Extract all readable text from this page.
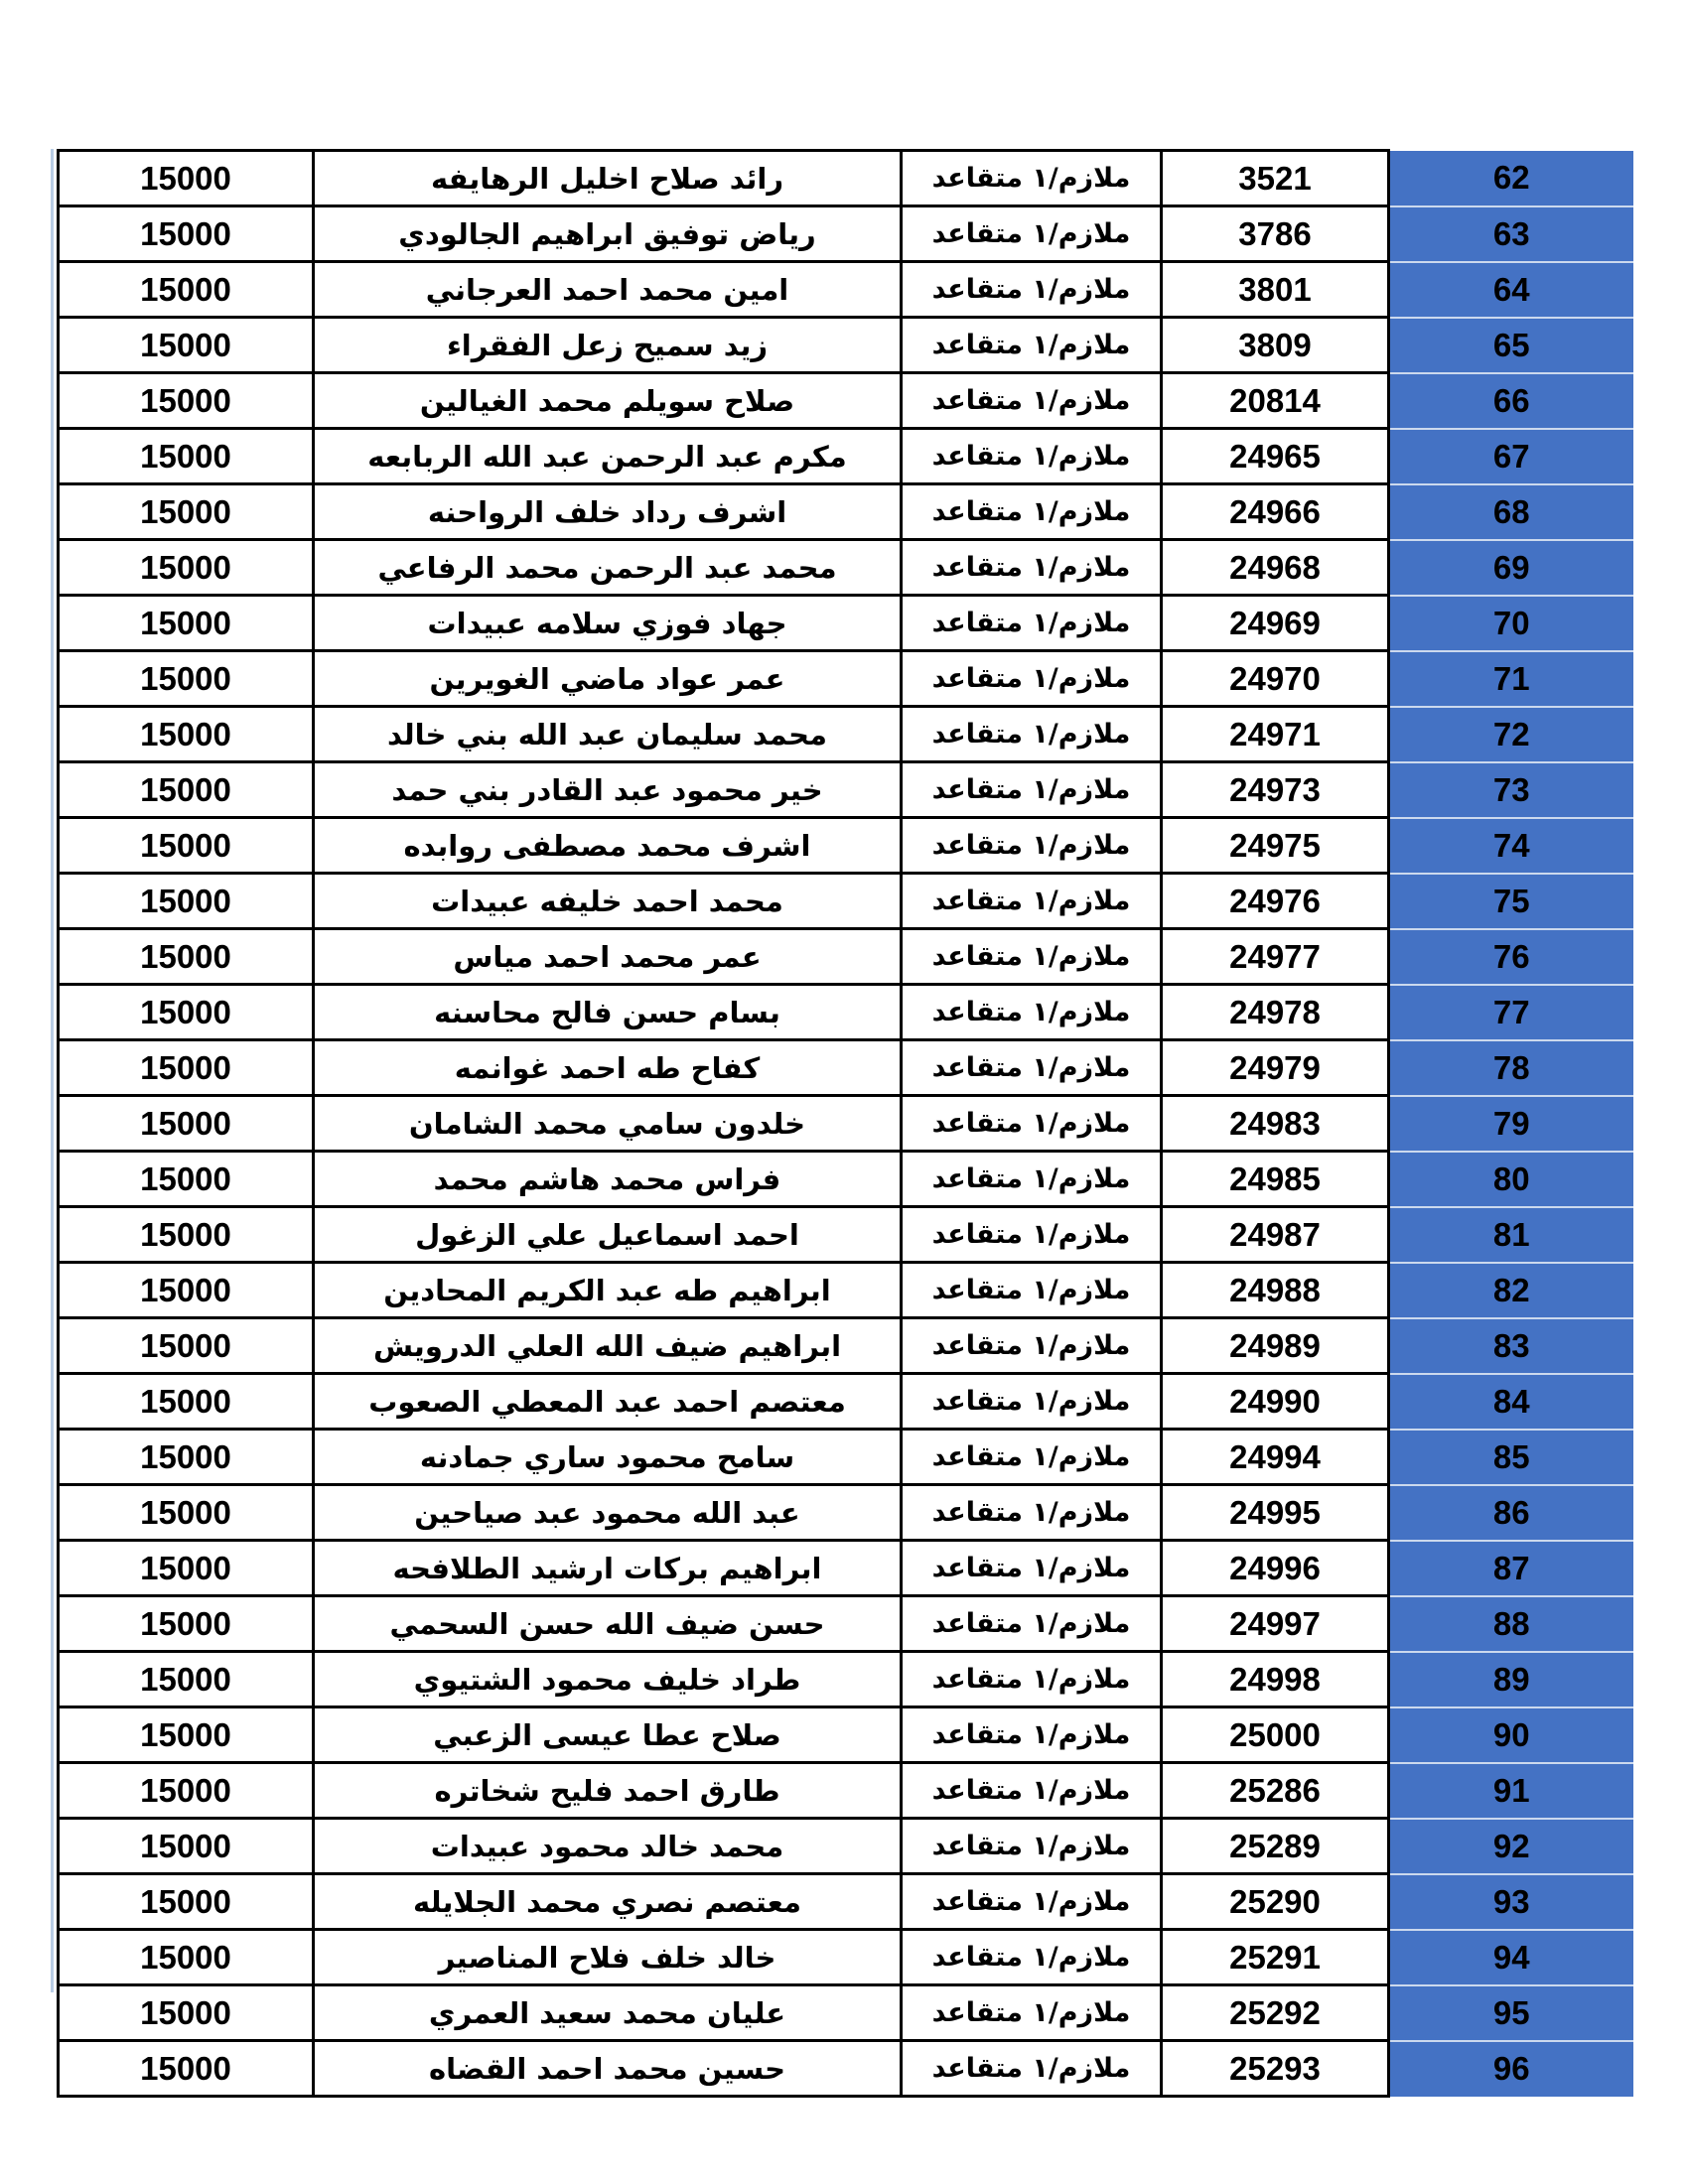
15000	رائد صلاح اخليل الرهايفه	ملازم/١ متقاعد	3521	62
15000	رياض توفيق ابراهيم الجالودي	ملازم/١ متقاعد	3786	63
15000	امين محمد احمد العرجاني	ملازم/١ متقاعد	3801	64
15000	زيد سميح زعل الفقراء	ملازم/١ متقاعد	3809	65
15000	صلاح سويلم محمد الغيالين	ملازم/١ متقاعد	20814	66
15000	مكرم عبد الرحمن عبد الله الربابعه	ملازم/١ متقاعد	24965	67
15000	اشرف رداد خلف الرواحنه	ملازم/١ متقاعد	24966	68
15000	محمد عبد الرحمن محمد الرفاعي	ملازم/١ متقاعد	24968	69
15000	جهاد فوزي سلامه عبيدات	ملازم/١ متقاعد	24969	70
15000	عمر عواد ماضي الغويرين	ملازم/١ متقاعد	24970	71
15000	محمد سليمان عبد الله بني خالد	ملازم/١ متقاعد	24971	72
15000	خير محمود عبد القادر بني حمد	ملازم/١ متقاعد	24973	73
15000	اشرف محمد مصطفى روابده	ملازم/١ متقاعد	24975	74
15000	محمد احمد خليفه عبيدات	ملازم/١ متقاعد	24976	75
15000	عمر محمد احمد مياس	ملازم/١ متقاعد	24977	76
15000	بسام حسن فالح محاسنه	ملازم/١ متقاعد	24978	77
15000	كفاح طه احمد غوانمه	ملازم/١ متقاعد	24979	78
15000	خلدون سامي محمد الشامان	ملازم/١ متقاعد	24983	79
15000	فراس محمد هاشم محمد	ملازم/١ متقاعد	24985	80
15000	احمد اسماعيل علي الزغول	ملازم/١ متقاعد	24987	81
15000	ابراهيم طه عبد الكريم المحادين	ملازم/١ متقاعد	24988	82
15000	ابراهيم ضيف الله العلي الدرويش	ملازم/١ متقاعد	24989	83
15000	معتصم احمد عبد المعطي الصعوب	ملازم/١ متقاعد	24990	84
15000	سامح محمود ساري جمادنه	ملازم/١ متقاعد	24994	85
15000	عبد الله محمود عبد صياحين	ملازم/١ متقاعد	24995	86
15000	ابراهيم بركات ارشيد الطلافحه	ملازم/١ متقاعد	24996	87
15000	حسن ضيف الله حسن السحمي	ملازم/١ متقاعد	24997	88
15000	طراد خليف محمود الشتيوي	ملازم/١ متقاعد	24998	89
15000	صلاح عطا عيسى الزعبي	ملازم/١ متقاعد	25000	90
15000	طارق احمد فليح شخاتره	ملازم/١ متقاعد	25286	91
15000	محمد خالد محمود عبيدات	ملازم/١ متقاعد	25289	92
15000	معتصم نصري محمد الجلايله	ملازم/١ متقاعد	25290	93
15000	خالد خلف فلاح المناصير	ملازم/١ متقاعد	25291	94
15000	عليان محمد سعيد العمري	ملازم/١ متقاعد	25292	95
15000	حسين محمد احمد القضاه	ملازم/١ متقاعد	25293	96
